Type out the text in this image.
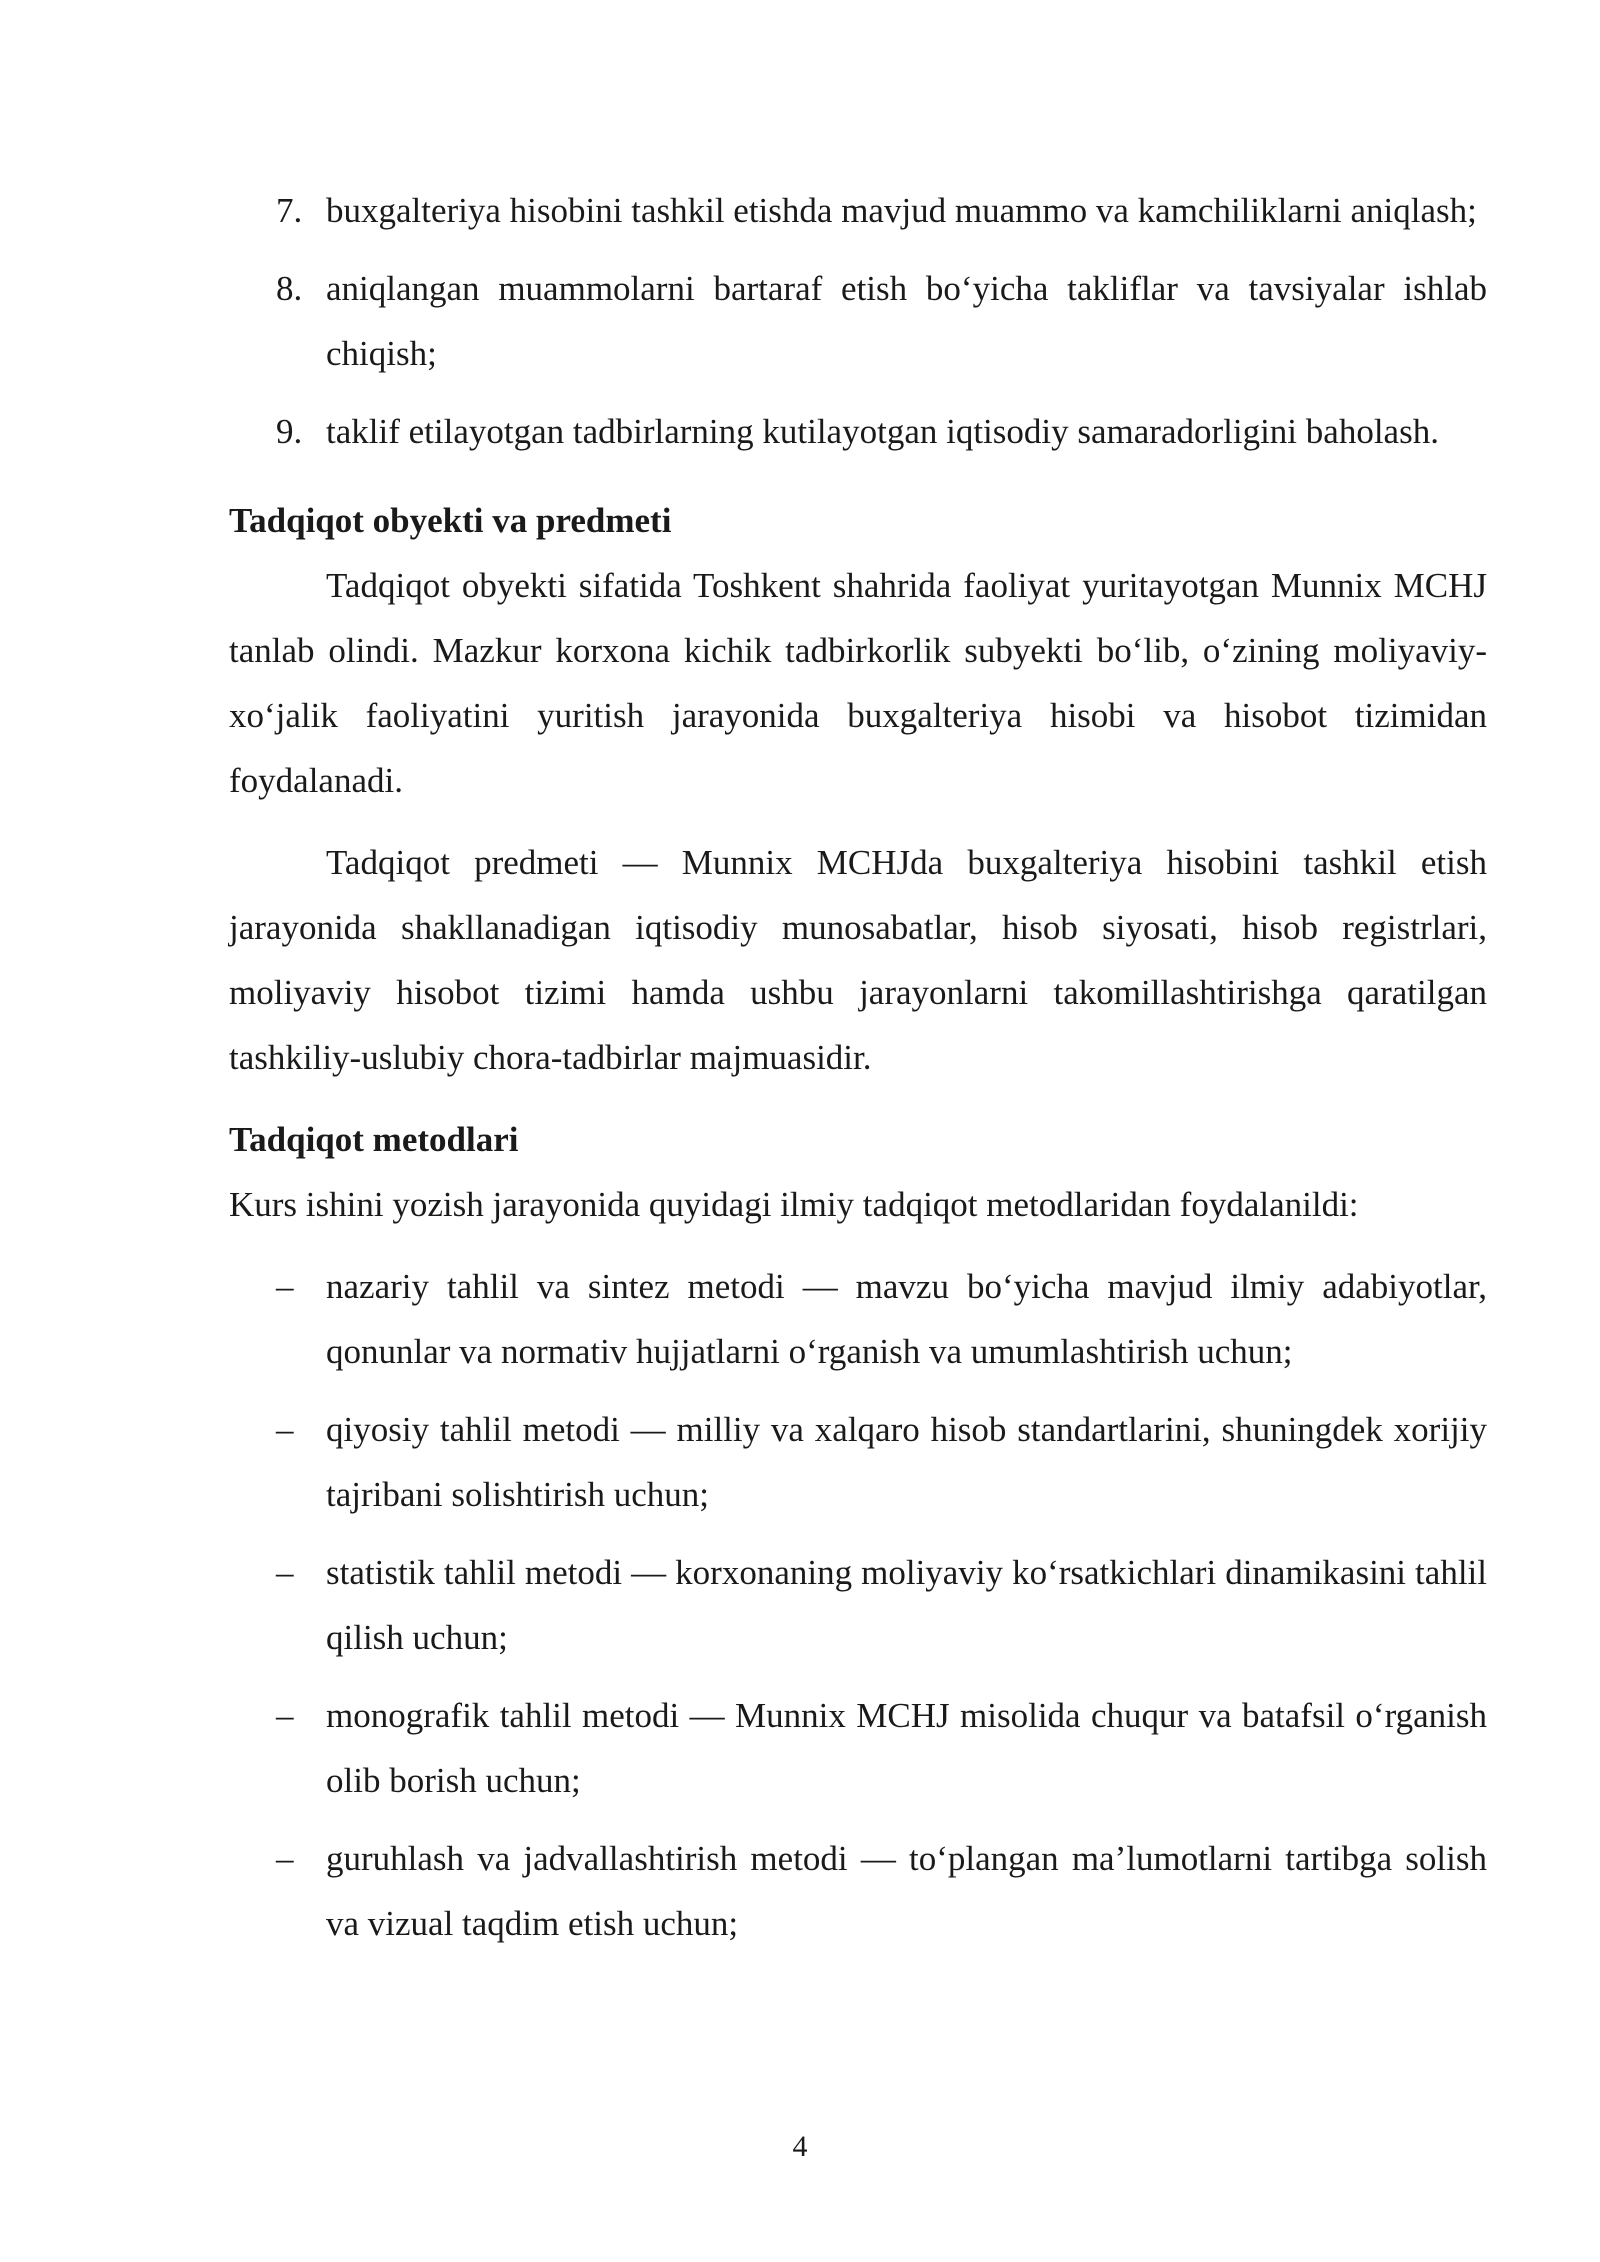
7. buxgalteriya hisobini tashkil etishda mavjud muammo va kamchiliklarni aniqlash;
8. aniqlangan muammolarni bartaraf etish bo‘yicha takliflar va tavsiyalar ishlab chiqish;
9. taklif etilayotgan tadbirlarning kutilayotgan iqtisodiy samaradorligini baholash.
Tadqiqot obyekti va predmeti
Tadqiqot obyekti sifatida Toshkent shahrida faoliyat yuritayotgan Munnix MCHJ tanlab olindi. Mazkur korxona kichik tadbirkorlik subyekti bo‘lib, o‘zining moliyaviy-xo‘jalik faoliyatini yuritish jarayonida buxgalteriya hisobi va hisobot tizimidan foydalanadi.
Tadqiqot predmeti — Munnix MCHJda buxgalteriya hisobini tashkil etish jarayonida shakllanadigan iqtisodiy munosabatlar, hisob siyosati, hisob registrlari, moliyaviy hisobot tizimi hamda ushbu jarayonlarni takomillashtirishga qaratilgan tashkiliy-uslubiy chora-tadbirlar majmuasidir.
Tadqiqot metodlari
Kurs ishini yozish jarayonida quyidagi ilmiy tadqiqot metodlaridan foydalanildi:
– nazariy tahlil va sintez metodi — mavzu bo‘yicha mavjud ilmiy adabiyotlar, qonunlar va normativ hujjatlarni o‘rganish va umumlashtirish uchun;
– qiyosiy tahlil metodi — milliy va xalqaro hisob standartlarini, shuningdek xorijiy tajribani solishtirish uchun;
– statistik tahlil metodi — korxonaning moliyaviy ko‘rsatkichlari dinamikasini tahlil qilish uchun;
– monografik tahlil metodi — Munnix MCHJ misolida chuqur va batafsil o‘rganish olib borish uchun;
– guruhlash va jadvallashtirish metodi — to‘plangan ma’lumotlarni tartibga solish va vizual taqdim etish uchun;
4
